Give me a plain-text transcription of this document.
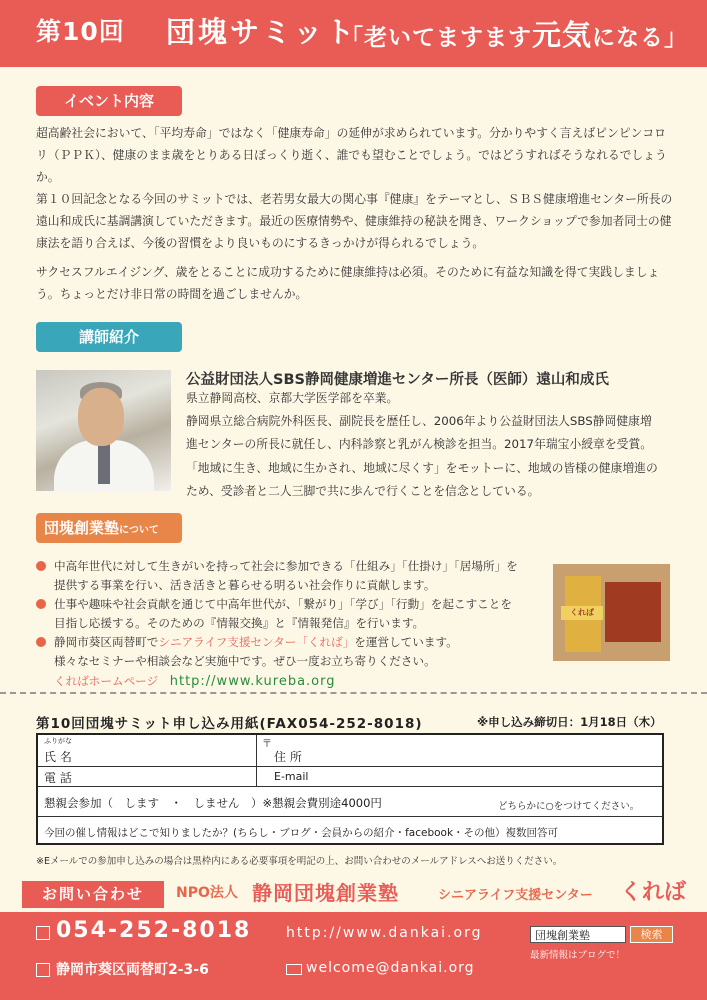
第10回 団塊サミット
「老いてますます元気になる」
イベント内容

超高齢社会において、「平均寿命」ではなく「健康寿命」の延伸が求められています。分かりやすく言えばピンピンコロリ（ＰＰＫ）、健康のまま歳をとりある日ぼっくり逝く、誰でも望むことでしょう。ではどうすればそうなれるでしょうか。

第１０回記念となる今回のサミットでは、老若男女最大の関心事『健康』をテーマとし、ＳＢＳ健康増進センター所長の遠山和成氏に基調講演していただきます。最近の医療情勢や、健康維持の秘訣を聞き、ワークショップで参加者同士の健康法を語り合えば、今後の習慣をより良いものにするきっかけが得られるでしょう。

サクセスフルエイジング、歳をとることに成功するために健康維持は必須。そのために有益な知識を得て実践しましょう。ちょっとだけ非日常の時間を過ごしませんか。

講師紹介
公益財団法人SBS静岡健康増進センター所長（医師）遠山和成氏
県立静岡高校、京都大学医学部を卒業。
静岡県立総合病院外科医長、副院長を歴任し、2006年より公益財団法人SBS静岡健康増
進センターの所長に就任し、内科診察と乳がん検診を担当。2017年瑞宝小綬章を受賞。
「地域に生き、地域に生かされ、地域に尽くす」をモットーに、地域の皆様の健康増進の
ため、受診者と二人三脚で共に歩んで行くことを信念としている。
団塊創業塾について
中高年世代に対して生きがいを持って社会に参加できる「仕組み」「仕掛け」「居場所」を
提供する事業を行い、活き活きと暮らせる明るい社会作りに貢献します。
仕事や趣味や社会貢献を通じて中高年世代が、「繋がり」「学び」「行動」を起こすことを
目指し応援する。そのための『情報交換』と『情報発信』を行います。
静岡市葵区両替町でシニアライフ支援センター「くれば」を運営しています。
様々なセミナーや相談会など実施中です。ぜひ一度お立ち寄りください。
くればホームページ　 http://www.kureba.org
くれば
第10回団塊サミット申し込み用紙(FAX054-252-8018)	※申し込み締切日：1月18日（木）
ふりがな
氏 名
〒
住 所
電 話	E-mail
懇親会参加（　します　・　しません　）※懇親会費別途4000円	どちらかに○をつけてください。
今回の催し情報はどこで知りましたか？(ちらし・ブログ・会員からの紹介・facebook・その他）複数回答可
※Eメールでの参加申し込みの場合は黒枠内にある必要事項を明記の上、お問い合わせのメールアドレスへお送りください。
お問い合わせ	NPO法人 静岡団塊創業塾	シニアライフ支援センター くれば
054-252-8018 http://www.dankai.org
静岡市葵区両替町2-3-6	welcome@dankai.org
団塊創業塾	検索
最新情報はブログで！
